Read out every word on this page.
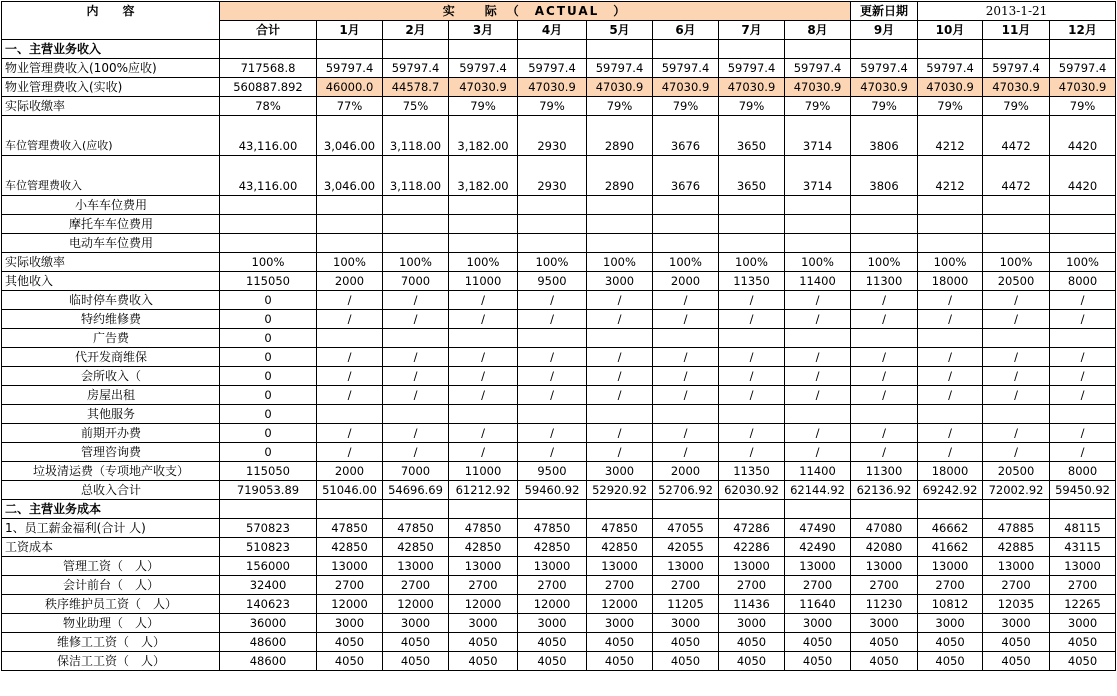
内　　容	实　　际　（　ACTUAL　）									更新日期	2013-1-21		
	合计	1月	2月	3月	4月	5月	6月	7月	8月	9月	10月	11月	12月
一、主营业务收入													
物业管理费收入(100%应收)	717568.8	59797.4	59797.4	59797.4	59797.4	59797.4	59797.4	59797.4	59797.4	59797.4	59797.4	59797.4	59797.4
物业管理费收入(实收)	560887.892	46000.0	44578.7	47030.9	47030.9	47030.9	47030.9	47030.9	47030.9	47030.9	47030.9	47030.9	47030.9
实际收缴率	78%	77%	75%	79%	79%	79%	79%	79%	79%	79%	79%	79%	79%
车位管理费收入(应收)	43,116.00	3,046.00	3,118.00	3,182.00	2930	2890	3676	3650	3714	3806	4212	4472	4420
车位管理费收入	43,116.00	3,046.00	3,118.00	3,182.00	2930	2890	3676	3650	3714	3806	4212	4472	4420
小车车位费用													
摩托车车位费用													
电动车车位费用													
实际收缴率	100%	100%	100%	100%	100%	100%	100%	100%	100%	100%	100%	100%	100%
其他收入	115050	2000	7000	11000	9500	3000	2000	11350	11400	11300	18000	20500	8000
临时停车费收入	0	/	/	/	/	/	/	/	/	/	/	/	/
特约维修费	0	/	/	/	/	/	/	/	/	/	/	/	/
广告费	0												
代开发商维保	0	/	/	/	/	/	/	/	/	/	/	/	/
会所收入（	0	/	/	/	/	/	/	/	/	/	/	/	/
房屋出租	0	/	/	/	/	/	/	/	/	/	/	/	/
其他服务	0												
前期开办费	0	/	/	/	/	/	/	/	/	/	/	/	/
管理咨询费	0	/	/	/	/	/	/	/	/	/	/	/	/
垃圾清运费（专项地产收支）	115050	2000	7000	11000	9500	3000	2000	11350	11400	11300	18000	20500	8000
总收入合计	719053.89	51046.00	54696.69	61212.92	59460.92	52920.92	52706.92	62030.92	62144.92	62136.92	69242.92	72002.92	59450.92
二、主营业务成本													
1、员工薪金福利(合计 人)	570823	47850	47850	47850	47850	47850	47055	47286	47490	47080	46662	47885	48115
工资成本	510823	42850	42850	42850	42850	42850	42055	42286	42490	42080	41662	42885	43115
管理工资（　人）	156000	13000	13000	13000	13000	13000	13000	13000	13000	13000	13000	13000	13000
会计前台（　人）	32400	2700	2700	2700	2700	2700	2700	2700	2700	2700	2700	2700	2700
秩序维护员工资（　人）	140623	12000	12000	12000	12000	12000	11205	11436	11640	11230	10812	12035	12265
物业助理（　人）	36000	3000	3000	3000	3000	3000	3000	3000	3000	3000	3000	3000	3000
维修工工资（　人）	48600	4050	4050	4050	4050	4050	4050	4050	4050	4050	4050	4050	4050
保洁工工资（　人）	48600	4050	4050	4050	4050	4050	4050	4050	4050	4050	4050	4050	4050
